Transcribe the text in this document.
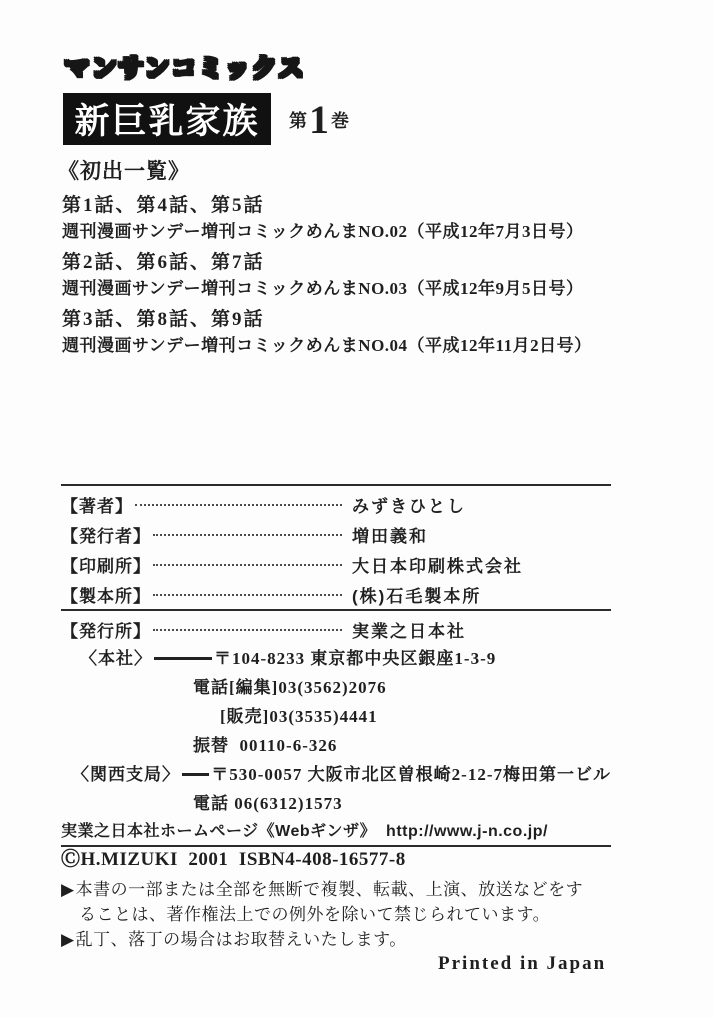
マンサンコミックス
新巨乳家族 第 1 巻
《初出一覧》
第1話、第4話、第5話
週刊漫画サンデー増刊コミックめんまNO.02（平成12年7月3日号）
第2話、第6話、第7話
週刊漫画サンデー増刊コミックめんまNO.03（平成12年9月5日号）
第3話、第8話、第9話
週刊漫画サンデー増刊コミックめんまNO.04（平成12年11月2日号）
【著者】	みずきひとし
【発行者】	増田義和
【印刷所】	大日本印刷株式会社
【製本所】	(株)石毛製本所
【発行所】	実業之日本社
〈本社〉	〒104-8233 東京都中央区銀座1-3-9
電話[編集]03(3562)2076
[販売]03(3535)4441
振替  00110-6-326
〈関西支局〉 〒530-0057 大阪市北区曽根崎2-12-7梅田第一ビル
電話 06(6312)1573
実業之日本社ホームページ《Webギンザ》  http://www.j-n.co.jp/
ⒸH.MIZUKI  2001  ISBN4-408-16577-8
▶本書の一部または全部を無断で複製、転載、上演、放送などをす
ることは、著作権法上での例外を除いて禁じられています。
▶乱丁、落丁の場合はお取替えいたします。
Printed in Japan
